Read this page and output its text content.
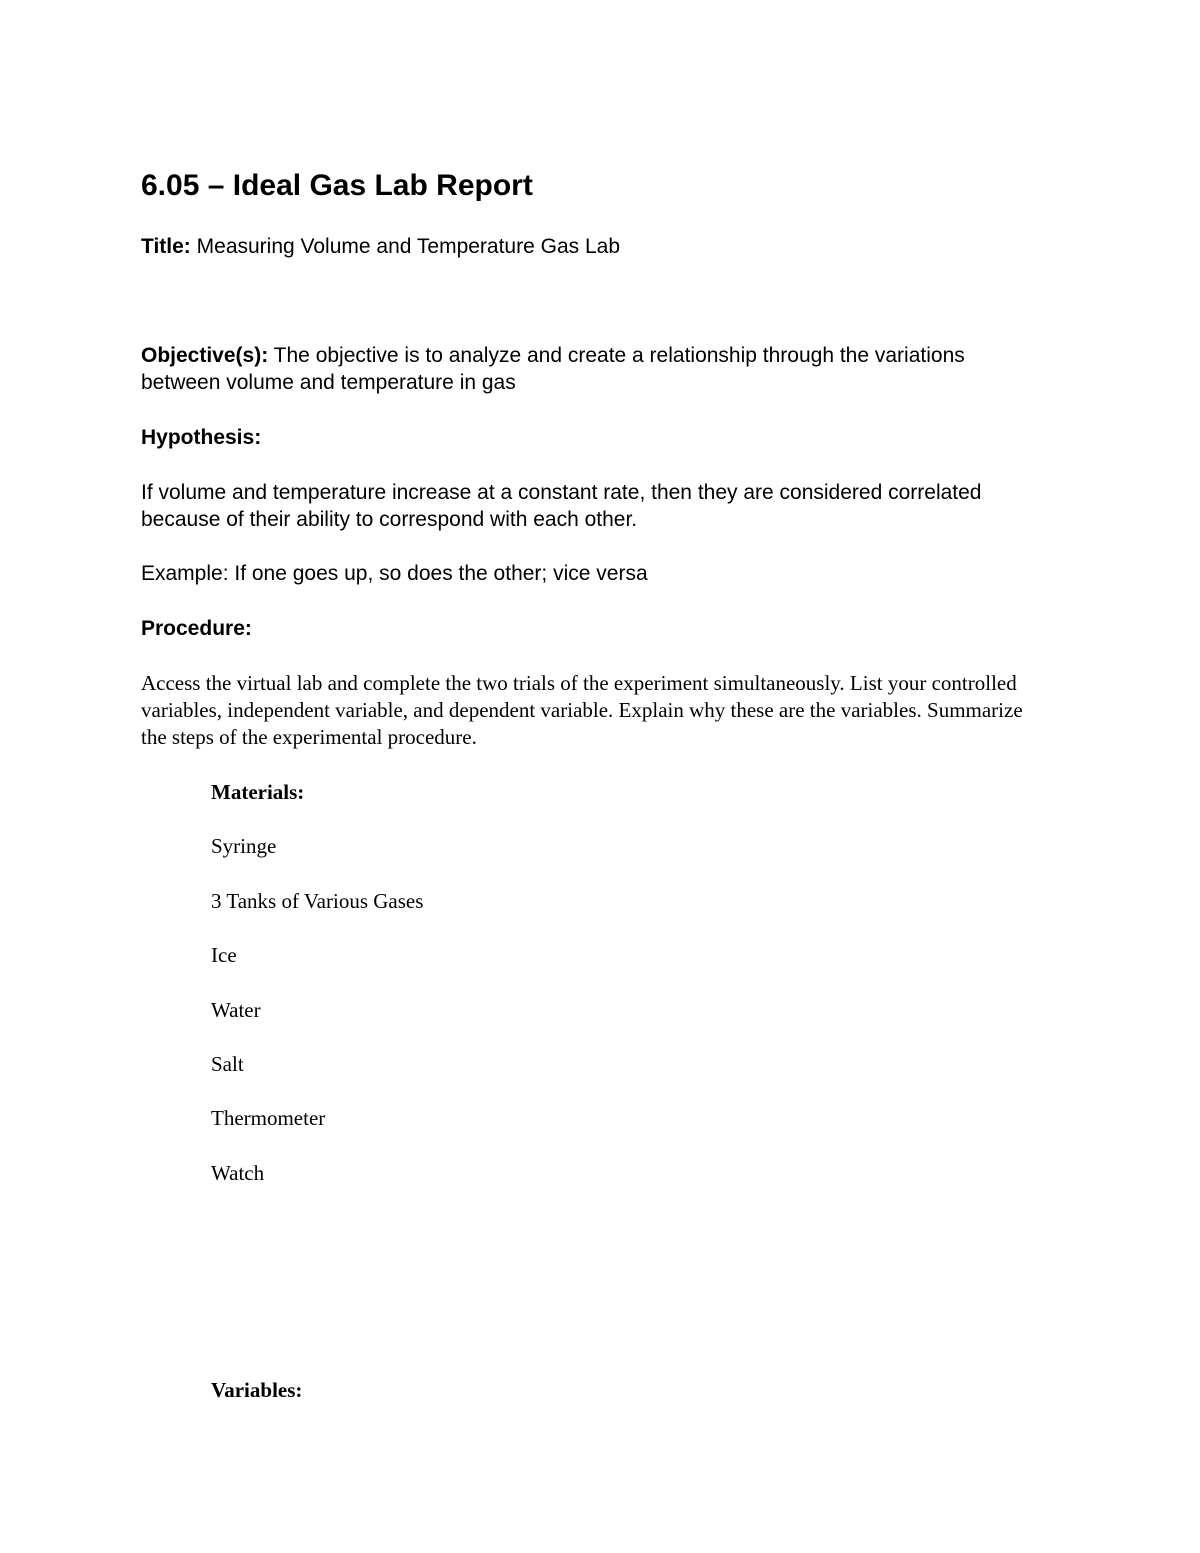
6.05 – Ideal Gas Lab Report
Title: Measuring Volume and Temperature Gas Lab
Objective(s): The objective is to analyze and create a relationship through the variations between volume and temperature in gas
Hypothesis:
If volume and temperature increase at a constant rate, then they are considered correlated because of their ability to correspond with each other.
Example: If one goes up, so does the other; vice versa
Procedure:
Access the virtual lab and complete the two trials of the experiment simultaneously. List your controlled variables, independent variable, and dependent variable. Explain why these are the variables. Summarize the steps of the experimental procedure.
Materials:
Syringe
3 Tanks of Various Gases
Ice
Water
Salt
Thermometer
Watch
Variables:
